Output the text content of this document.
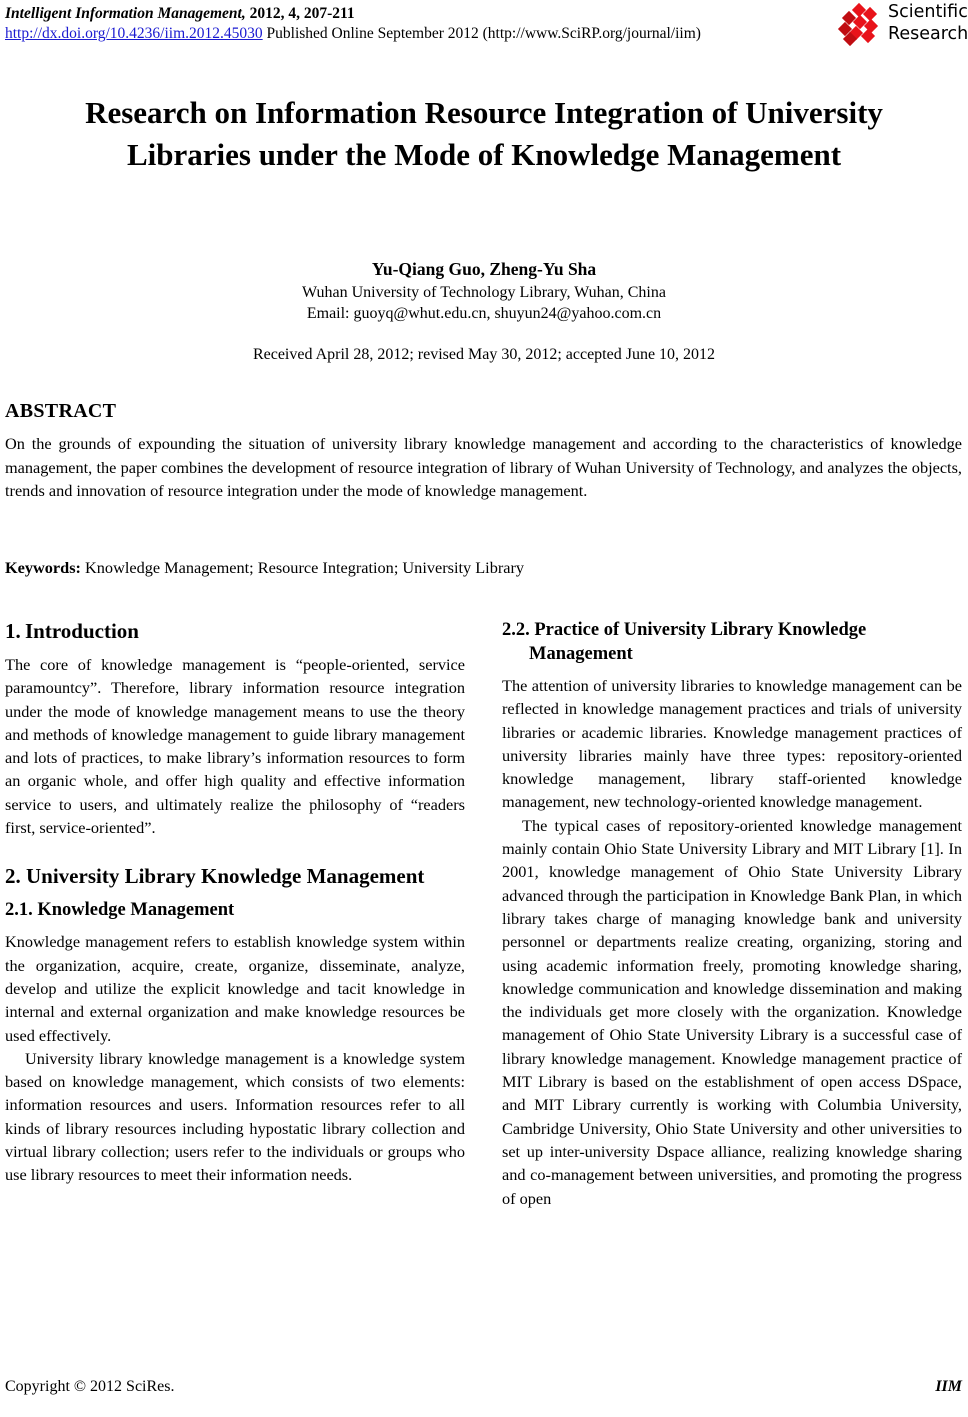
Intelligent Information Management, 2012, 4, 207-211
http://dx.doi.org/10.4236/iim.2012.45030 Published Online September 2012 (http://www.SciRP.org/journal/iim)
Scientific
Research
Research on Information Resource Integration of University Libraries under the Mode of Knowledge Management
Yu-Qiang Guo, Zheng-Yu Sha
Wuhan University of Technology Library, Wuhan, China
Email: guoyq@whut.edu.cn, shuyun24@yahoo.com.cn
Received April 28, 2012; revised May 30, 2012; accepted June 10, 2012
ABSTRACT
On the grounds of expounding the situation of university library knowledge management and according to the characteristics of knowledge management, the paper combines the development of resource integration of library of Wuhan University of Technology, and analyzes the objects, trends and innovation of resource integration under the mode of knowledge management.
Keywords: Knowledge Management; Resource Integration; University Library
1. Introduction

The core of knowledge management is “people-oriented, service paramountcy”. Therefore, library information resource integration under the mode of knowledge management means to use the theory and methods of knowledge management to guide library management and lots of practices, to make library’s information resources to form an organic whole, and offer high quality and effective information service to users, and ultimately realize the philosophy of “readers first, service-oriented”.

2. University Library Knowledge Management
2.1. Knowledge Management

Knowledge management refers to establish knowledge system within the organization, acquire, create, organize, disseminate, analyze, develop and utilize the explicit knowledge and tacit knowledge in internal and external organization and make knowledge resources be used effectively.

University library knowledge management is a knowledge system based on knowledge management, which consists of two elements: information resources and users. Information resources refer to all kinds of library resources including hypostatic library collection and virtual library collection; users refer to the individuals or groups who use library resources to meet their information needs.

2.2. Practice of University Library Knowledge Management

The attention of university libraries to knowledge management can be reflected in knowledge management practices and trials of university libraries or academic libraries. Knowledge management practices of university libraries mainly have three types: repository-oriented knowledge management, library staff-oriented knowledge management, new technology-oriented knowledge management.

The typical cases of repository-oriented knowledge management mainly contain Ohio State University Library and MIT Library [1]. In 2001, knowledge management of Ohio State University Library advanced through the participation in Knowledge Bank Plan, in which library takes charge of managing knowledge bank and university personnel or departments realize creating, organizing, storing and using academic information freely, promoting knowledge sharing, knowledge communication and knowledge dissemination and making the individuals get more closely with the organization. Knowledge management of Ohio State University Library is a successful case of library knowledge management. Knowledge management practice of MIT Library is based on the establishment of open access DSpace, and MIT Library currently is working with Columbia University, Cambridge University, Ohio State University and other universities to set up inter-university Dspace alliance, realizing knowledge sharing and co-management between universities, and promoting the progress of open

Copyright © 2012 SciRes.	IIM
